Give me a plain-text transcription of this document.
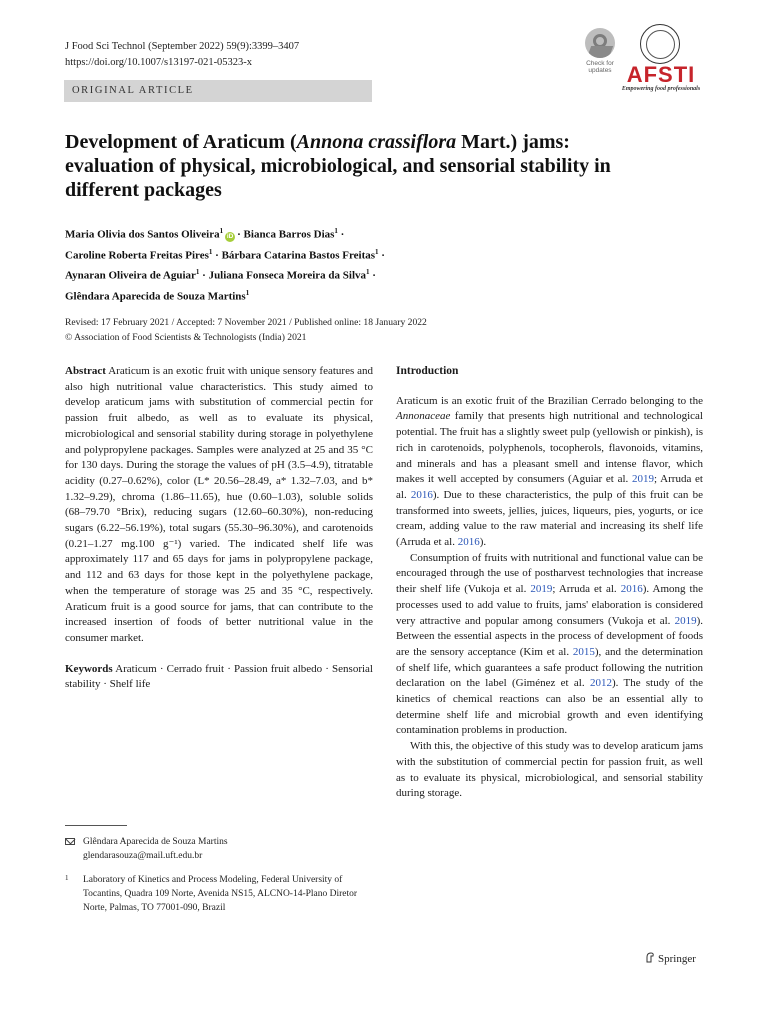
J Food Sci Technol (September 2022) 59(9):3399–3407
https://doi.org/10.1007/s13197-021-05323-x
ORIGINAL ARTICLE
Check for
updates AFSTI
Empowering food professionals
Development of Araticum (Annona crassiflora Mart.) jams: evaluation of physical, microbiological, and sensorial stability in different packages
Maria Olivia dos Santos Oliveira$^1$iD · Bianca Barros Dias$^1$ ·
Caroline Roberta Freitas Pires$^1$ · Bárbara Catarina Bastos Freitas$^1$ ·
Aynaran Oliveira de Aguiar$^1$ · Juliana Fonseca Moreira da Silva$^1$ ·
Glêndara Aparecida de Souza Martins$^1$
Revised: 17 February 2021 / Accepted: 7 November 2021 / Published online: 18 January 2022
© Association of Food Scientists & Technologists (India) 2021

Abstract Araticum is an exotic fruit with unique sensory features and also high nutritional value characteristics. This study aimed to develop araticum jams with substitution of commercial pectin for passion fruit albedo, as well as to evaluate its physical, microbiological and sensorial stability during storage in polyethylene and polypropylene packages. Samples were analyzed at 25 and 35 °C for 130 days. During the storage the values of pH (3.5–4.9), titratable acidity (0.27–0.62%), color (L* 20.56–28.49, a* 1.32–7.03, and b* 1.32–9.29), chroma (1.86–11.65), hue (0.60–1.03), soluble solids (68–79.70 °Brix), reducing sugars (12.60–60.30%), non-reducing sugars (6.22–56.19%), total sugars (55.30–96.30%), and carotenoids (0.21–1.27 mg.100 g⁻¹) varied. The indicated shelf life was approximately 117 and 65 days for jams in polypropylene package, and 112 and 63 days for those kept in the polyethylene package, when the temperature of storage was 25 and 35 °C, respectively. Araticum fruit is a good source for jams, that can contribute to the increased insertion of foods of better nutritional value in the consumer market.

Keywords Araticum · Cerrado fruit · Passion fruit albedo · Sensorial stability · Shelf life

Introduction

Araticum is an exotic fruit of the Brazilian Cerrado belonging to the Annonaceae family that presents high nutritional and technological potential. The fruit has a slightly sweet pulp (yellowish or pinkish), is rich in carotenoids, polyphenols, tocopherols, flavonoids, vitamins, and minerals and has a pleasant smell and intense flavor, which makes it well accepted by consumers (Aguiar et al. 2019; Arruda et al. 2016). Due to these characteristics, the pulp of this fruit can be transformed into sweets, jellies, juices, liqueurs, pies, yogurts, or ice cream, adding value to the raw material and increasing its shelf life (Arruda et al. 2016).

Consumption of fruits with nutritional and functional value can be encouraged through the use of postharvest technologies that increase their shelf life (Vukoja et al. 2019; Arruda et al. 2016). Among the processes used to add value to fruits, jams' elaboration is considered very attractive and popular among consumers (Vukoja et al. 2019). Between the essential aspects in the process of development of foods are the sensory acceptance (Kim et al. 2015), and the determination of shelf life, which guarantees a safe product following the nutrition declaration on the label (Giménez et al. 2012). The study of the kinetics of chemical reactions can also be an essential ally to determine shelf life and microbial growth and even identifying contamination problems in production.

With this, the objective of this study was to develop araticum jams with the substitution of commercial pectin for passion fruit, as well as to evaluate its physical, microbiological, and sensorial stability during storage.

Glêndara Aparecida de Souza Martins
glendarasouza@mail.uft.edu.br
1	Laboratory of Kinetics and Process Modeling, Federal University of Tocantins, Quadra 109 Norte, Avenida NS15, ALCNO-14-Plano Diretor Norte, Palmas, TO 77001-090, Brazil
Springer
